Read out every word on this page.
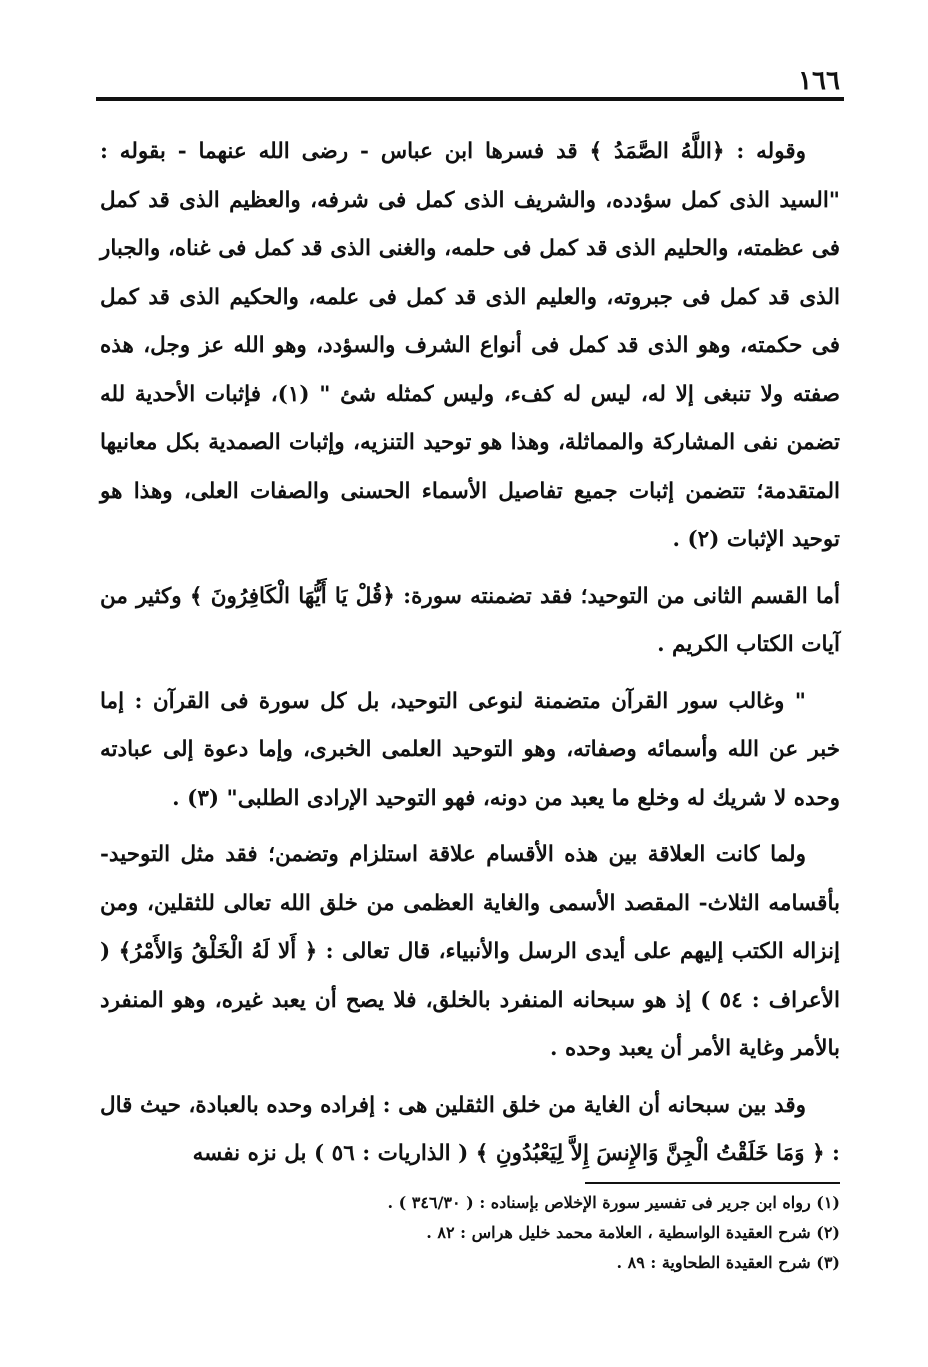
١٦٦

وقوله : ﴿اللَّهُ الصَّمَدُ ﴾ قد فسرها ابن عباس - رضى الله عنهما - بقوله : "السيد الذى كمل سؤدده، والشريف الذى كمل فى شرفه، والعظيم الذى قد كمل فى عظمته، والحليم الذى قد كمل فى حلمه، والغنى الذى قد كمل فى غناه، والجبار الذى قد كمل فى جبروته، والعليم الذى قد كمل فى علمه، والحكيم الذى قد كمل فى حكمته، وهو الذى قد كمل فى أنواع الشرف والسؤدد، وهو الله عز وجل، هذه صفته ولا تنبغى إلا له، ليس له كفء، وليس كمثله شئ " (١)، فإثبات الأحدية لله تضمن نفى المشاركة والمماثلة، وهذا هو توحيد التنزيه، وإثبات الصمدية بكل معانيها المتقدمة؛ تتضمن إثبات جميع تفاصيل الأسماء الحسنى والصفات العلى، وهذا هو توحيد الإثبات (٢) .

أما القسم الثانى من التوحيد؛ فقد تضمنته سورة: ﴿قُلْ يَا أَيُّهَا الْكَافِرُونَ ﴾ وكثير من آيات الكتاب الكريم .

" وغالب سور القرآن متضمنة لنوعى التوحيد، بل كل سورة فى القرآن : إما خبر عن الله وأسمائه وصفاته، وهو التوحيد العلمى الخبرى، وإما دعوة إلى عبادته وحده لا شريك له وخلع ما يعبد من دونه، فهو التوحيد الإرادى الطلبى" (٣) .

ولما كانت العلاقة بين هذه الأقسام علاقة استلزام وتضمن؛ فقد مثل التوحيد- بأقسامه الثلاث- المقصد الأسمى والغاية العظمى من خلق الله تعالى للثقلين، ومن إنزاله الكتب إليهم على أيدى الرسل والأنبياء، قال تعالى : ﴿ أَلا لَهُ الْخَلْقُ وَالأَمْرُ﴾ ( الأعراف : ٥٤ ) إذ هو سبحانه المنفرد بالخلق، فلا يصح أن يعبد غيره، وهو المنفرد بالأمر وغاية الأمر أن يعبد وحده .

وقد بين سبحانه أن الغاية من خلق الثقلين هى : إفراده وحده بالعبادة، حيث قال : ﴿ وَمَا خَلَقْتُ الْجِنَّ وَالإِنسَ إِلاَّ لِيَعْبُدُونِ ﴾ ( الذاريات : ٥٦ ) بل نزه نفسه

(١) رواه ابن جرير فى تفسير سورة الإخلاص بإسناده : ( ٣٤٦/٣٠ ) .

(٢) شرح العقيدة الواسطية ، العلامة محمد خليل هراس : ٨٢ .

(٣) شرح العقيدة الطحاوية : ٨٩ .
